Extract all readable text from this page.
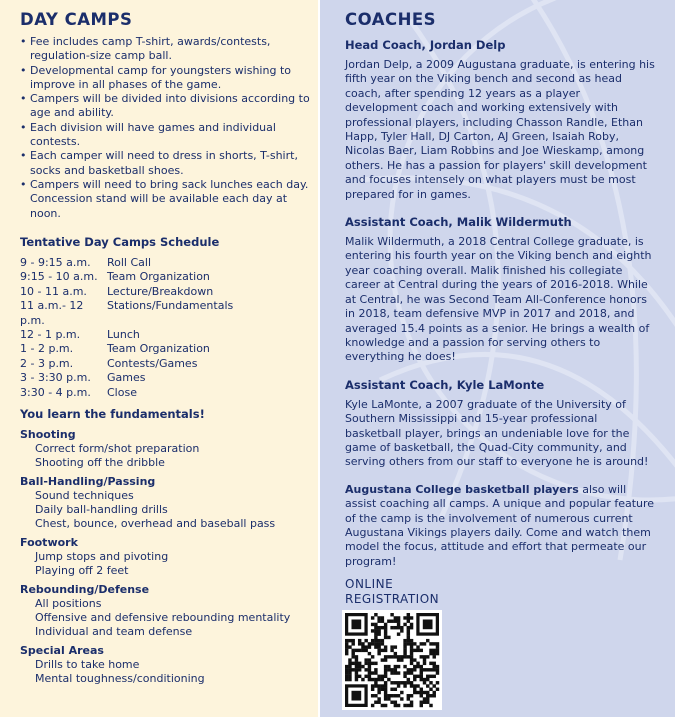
DAY CAMPS
• Fee includes camp T-shirt, awards/contests, regulation-size camp ball.
• Developmental camp for youngsters wishing to improve in all phases of the game.
• Campers will be divided into divisions according to age and ability.
• Each division will have games and individual contests.
• Each camper will need to dress in shorts, T-shirt, socks and basketball shoes.
• Campers will need to bring sack lunches each day. Concession stand will be available each day at noon.
Tentative Day Camps Schedule
9 - 9:15 a.m.	Roll Call
9:15 - 10 a.m. Team Organization
10 - 11 a.m.	Lecture/Breakdown
11 a.m.- 12 p.m.
Stations/Fundamentals
12 - 1 p.m.	Lunch
1 - 2 p.m.	Team Organization
2 - 3 p.m.	Contests/Games
3 - 3:30 p.m.	Games
3:30 - 4 p.m.	Close
You learn the fundamentals!
Shooting
Correct form/shot preparation
Shooting off the dribble
Ball-Handling/Passing
Sound techniques
Daily ball-handling drills
Chest, bounce, overhead and baseball pass
Footwork
Jump stops and pivoting
Playing off 2 feet
Rebounding/Defense
All positions
Offensive and defensive rebounding mentality
Individual and team defense
Special Areas
Drills to take home
Mental toughness/conditioning
COACHES
Head Coach, Jordan Delp

Jordan Delp, a 2009 Augustana graduate, is entering his fifth year on the Viking bench and second as head coach, after spending 12 years as a player development coach and working extensively with professional players, including Chasson Randle, Ethan Happ, Tyler Hall, DJ Carton, AJ Green, Isaiah Roby, Nicolas Baer, Liam Robbins and Joe Wieskamp, among others. He has a passion for players' skill development and focuses intensely on what players must be most prepared for in games.

Assistant Coach, Malik Wildermuth

Malik Wildermuth, a 2018 Central College graduate, is entering his fourth year on the Viking bench and eighth year coaching overall. Malik finished his collegiate career at Central during the years of 2016-2018. While at Central, he was Second Team All-Conference honors in 2018, team defensive MVP in 2017 and 2018, and averaged 15.4 points as a senior. He brings a wealth of knowledge and a passion for serving others to everything he does!

Assistant Coach, Kyle LaMonte

Kyle LaMonte, a 2007 graduate of the University of Southern Mississippi and 15-year professional basketball player, brings an undeniable love for the game of basketball, the Quad-City community, and serving others from our staff to everyone he is around!

Augustana College basketball players also will assist coaching all camps. A unique and popular feature of the camp is the involvement of numerous current Augustana Vikings players daily. Come and watch them model the focus, attitude and effort that permeate our program!

ONLINE
REGISTRATION
